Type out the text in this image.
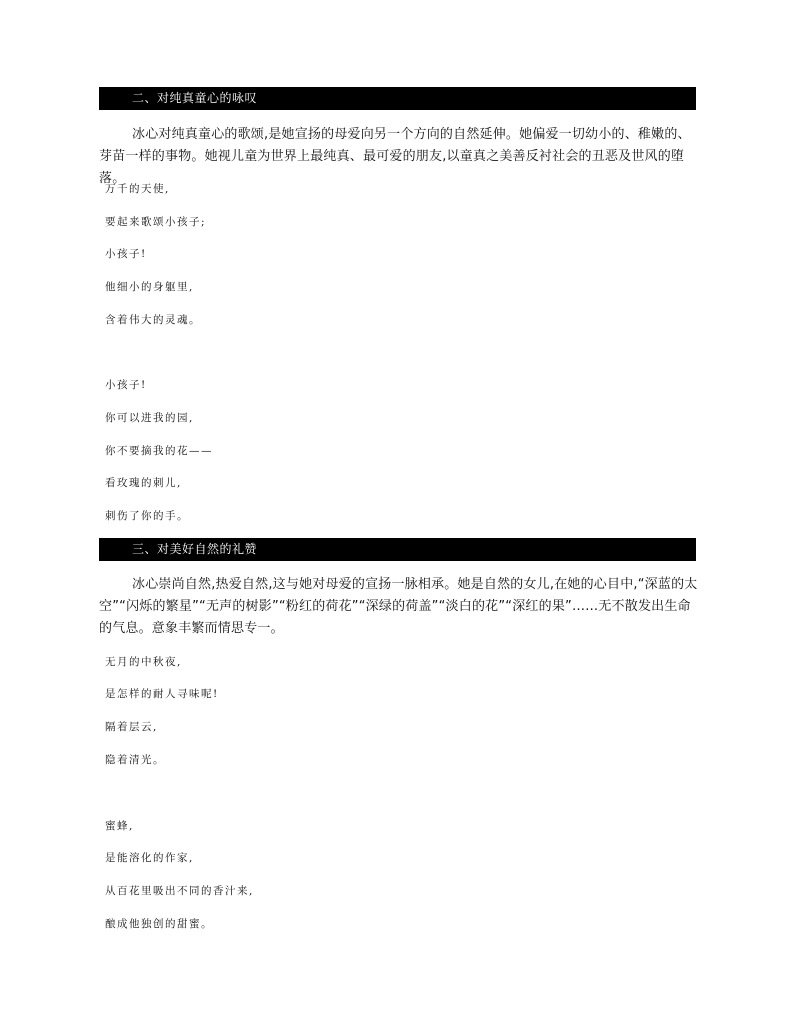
二、对纯真童心的咏叹
冰心对纯真童心的歌颂,是她宣扬的母爱向另一个方向的自然延伸。她偏爱一切幼小的、稚嫩的、芽苗一样的事物。她视儿童为世界上最纯真、最可爱的朋友,以童真之美善反衬社会的丑恶及世风的堕落。
万千的天使,
要起来歌颂小孩子;
小孩子!
他细小的身躯里,
含着伟大的灵魂。
小孩子!
你可以进我的园,
你不要摘我的花——
看玫瑰的刺儿,
刺伤了你的手。
三、对美好自然的礼赞
冰心崇尚自然,热爱自然,这与她对母爱的宣扬一脉相承。她是自然的女儿,在她的心目中,“深蓝的太空”“闪烁的繁星”“无声的树影”“粉红的荷花”“深绿的荷盖”“淡白的花”“深红的果”……无不散发出生命的气息。意象丰繁而情思专一。
无月的中秋夜,
是怎样的耐人寻味呢!
隔着层云,
隐着清光。
蜜蜂,
是能溶化的作家,
从百花里吸出不同的香汁来,
酿成他独创的甜蜜。
